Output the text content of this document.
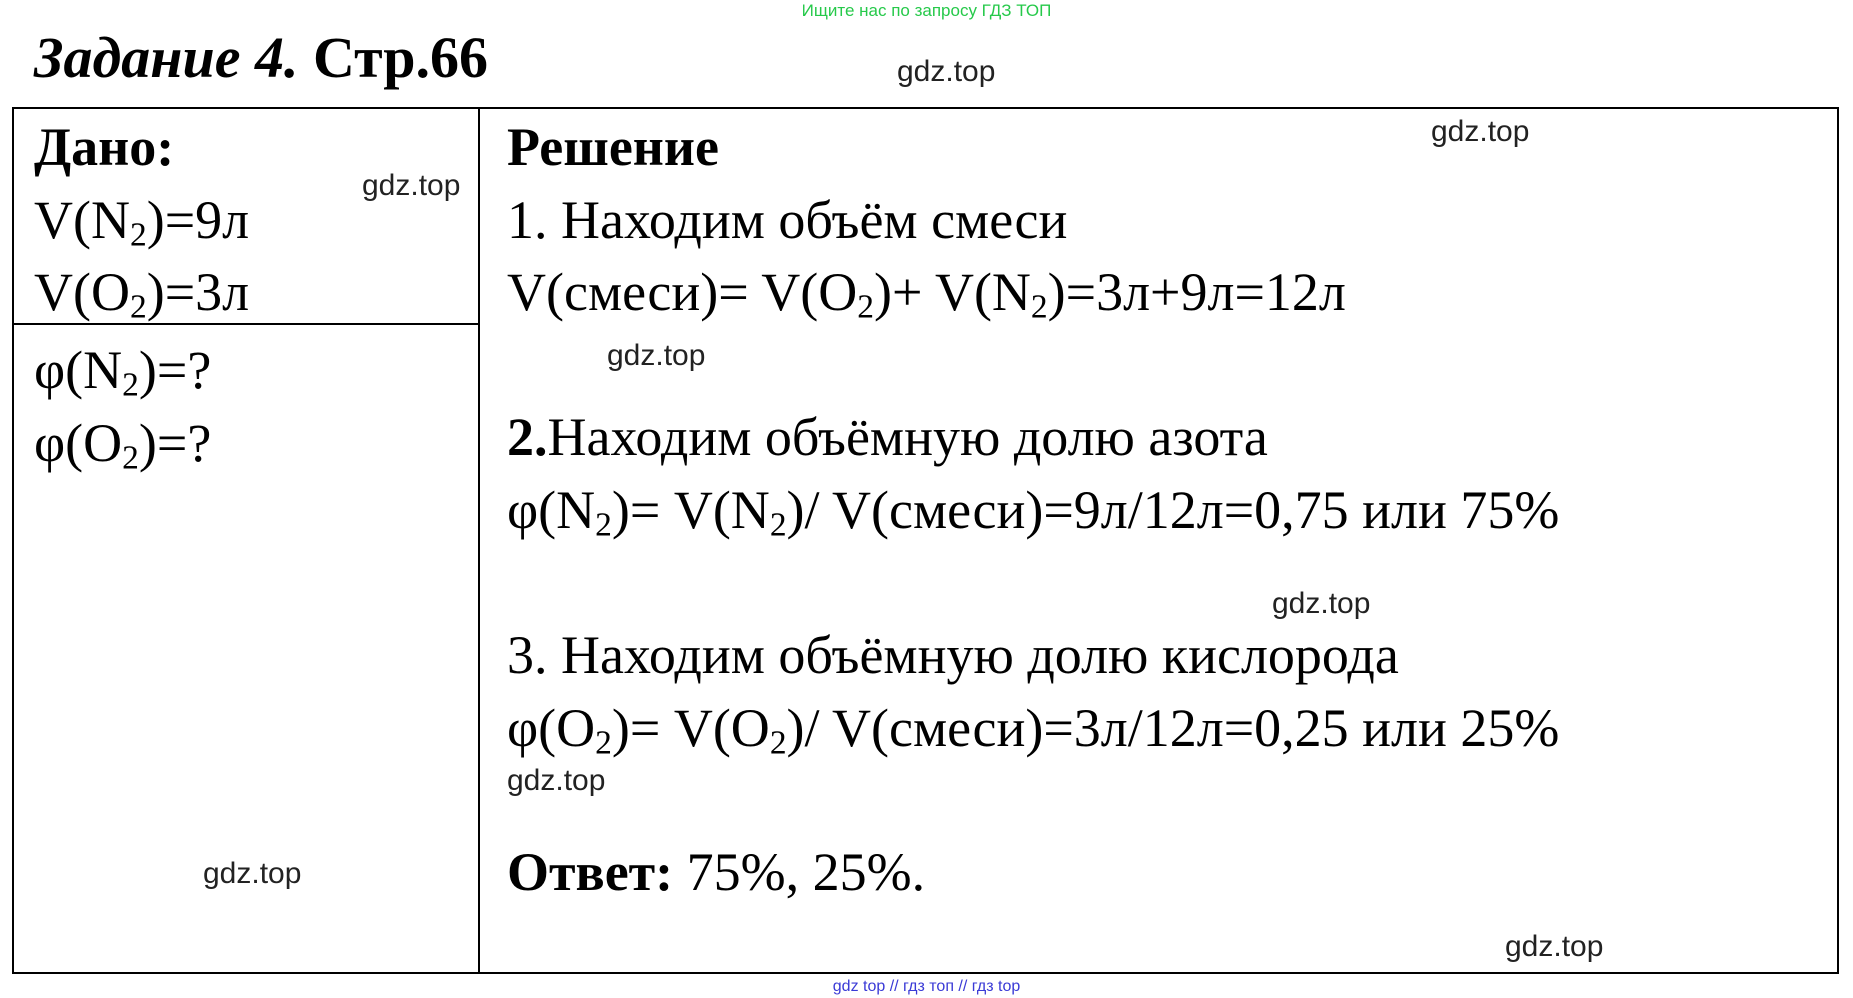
Ищите нас по запросу ГДЗ ТОП
Задание 4. Стр.66
Дано:
$V(N_2)=9л$
$V(O_2)=3л$
$\varphi(N_2)=$?
$\varphi(O_2)=$?
Решение
1. Находим объём смеси
V(смеси)= $V(O_2)+ V(N_2)=3л+9л=12л$
2.Находим объёмную долю азота
$\varphi(N_2)= V(N_2)/$ V(смеси)=9л/12л=0,75 или 75%
3. Находим объёмную долю кислорода
$\varphi(O_2)= V(O_2)/$ V(смеси)=3л/12л=0,25 или 25%
Ответ: 75%, 25%.
gdz.top
gdz.top
gdz.top
gdz.top
gdz.top
gdz.top
gdz.top
gdz.top
gdz top // гдз топ // гдз top
